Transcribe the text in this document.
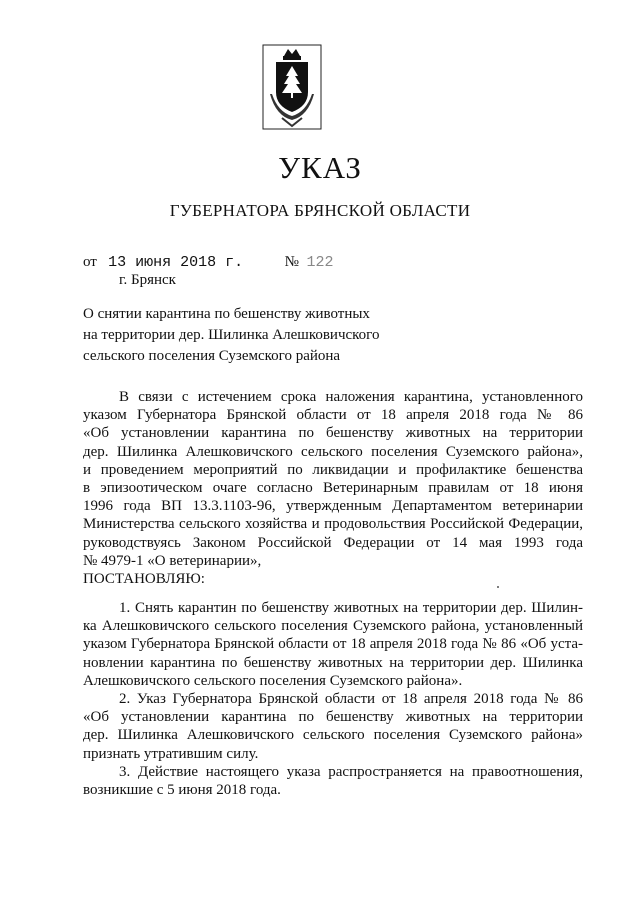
УКАЗ
ГУБЕРНАТОРА БРЯНСКОЙ ОБЛАСТИ
от 13 июня 2018 г.	№ 122
г. Брянск
О снятии карантина по бешенству животных
на территории дер. Шилинка Алешковичского
сельского поселения Суземского района
В связи с истечением срока наложения карантина, установленного
указом Губернатора Брянской области от 18 апреля 2018 года № 86
«Об установлении карантина по бешенству животных на территории
дер. Шилинка Алешковичского сельского поселения Суземского района»,
и проведением мероприятий по ликвидации и профилактике бешенства
в эпизоотическом очаге согласно Ветеринарным правилам от 18 июня
1996 года ВП 13.3.1103-96, утвержденным Департаментом ветеринарии
Министерства сельского хозяйства и продовольствия Российской Федерации,
руководствуясь Законом Российской Федерации от 14 мая 1993 года
№ 4979-1 «О ветеринарии»,
ПОСТАНОВЛЯЮ:
1. Снять карантин по бешенству животных на территории дер. Шилин-
ка Алешковичского сельского поселения Суземского района, установленный
указом Губернатора Брянской области от 18 апреля 2018 года № 86 «Об уста-
новлении карантина по бешенству животных на территории дер. Шилинка
Алешковичского сельского поселения Суземского района».
2. Указ Губернатора Брянской области от 18 апреля 2018 года № 86
«Об установлении карантина по бешенству животных на территории
дер. Шилинка Алешковичского сельского поселения Суземского района»
признать утратившим силу.
3. Действие настоящего указа распространяется на правоотношения,
возникшие с 5 июня 2018 года.
